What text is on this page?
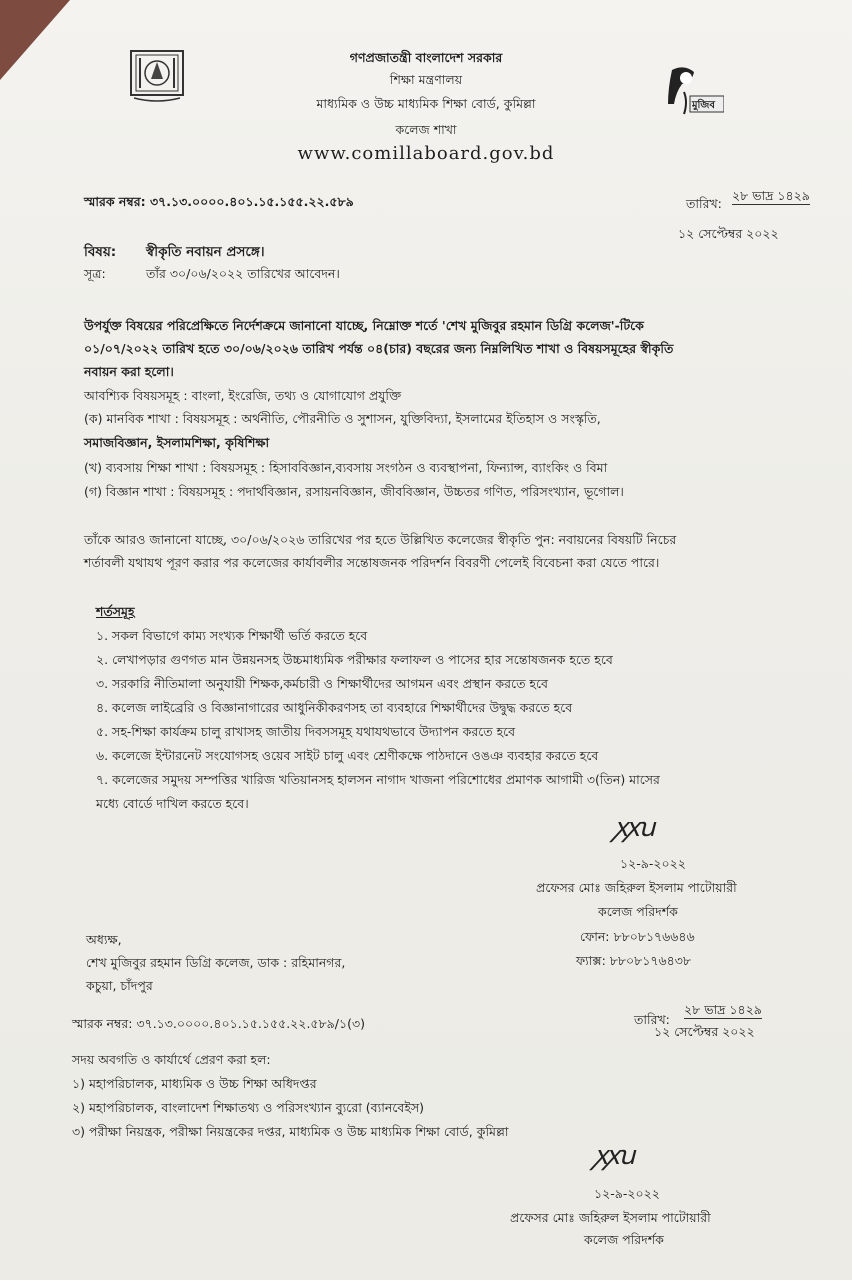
মুজিব
গণপ্রজাতন্ত্রী বাংলাদেশ সরকার
শিক্ষা মন্ত্রণালয়
মাধ্যমিক ও উচ্চ মাধ্যমিক শিক্ষা বোর্ড, কুমিল্লা
কলেজ শাখা
www.comillaboard.gov.bd
স্মারক নম্বর: ৩৭.১৩.০০০০.৪০১.১৫.১৫৫.২২.৫৮৯	তারিখ:
২৮ ভাদ্র ১৪২৯
১২ সেপ্টেম্বর ২০২২
বিষয়: স্বীকৃতি নবায়ন প্রসঙ্গে।
সূত্র:	তাঁর ৩০/০৬/২০২২ তারিখের আবেদন।
উপর্যুক্ত বিষয়ের পরিপ্রেক্ষিতে নির্দেশক্রমে জানানো যাচ্ছে, নিম্নোক্ত শর্তে 'শেখ মুজিবুর রহমান ডিগ্রি কলেজ'-টিকে
০১/০৭/২০২২ তারিখ হতে ৩০/০৬/২০২৬ তারিখ পর্যন্ত ০৪(চার) বছরের জন্য নিম্নলিখিত শাখা ও বিষয়সমূহের স্বীকৃতি
নবায়ন করা হলো।
আবশ্যিক বিষয়সমূহ : বাংলা, ইংরেজি, তথ্য ও যোগাযোগ প্রযুক্তি
(ক) মানবিক শাখা : বিষয়সমূহ : অর্থনীতি, পৌরনীতি ও সুশাসন, যুক্তিবিদ্যা, ইসলামের ইতিহাস ও সংস্কৃতি,
সমাজবিজ্ঞান, ইসলামশিক্ষা, কৃষিশিক্ষা
(খ) ব্যবসায় শিক্ষা শাখা : বিষয়সমূহ : হিসাববিজ্ঞান,ব্যবসায় সংগঠন ও ব্যবস্থাপনা, ফিন্যান্স, ব্যাংকিং ও বিমা
(গ) বিজ্ঞান শাখা : বিষয়সমূহ : পদার্থবিজ্ঞান, রসায়নবিজ্ঞান, জীববিজ্ঞান, উচ্চতর গণিত, পরিসংখ্যান, ভূগোল।
তাঁকে আরও জানানো যাচ্ছে, ৩০/০৬/২০২৬ তারিখের পর হতে উল্লিখিত কলেজের স্বীকৃতি পুন: নবায়নের বিষয়টি নিচের
শর্তাবলী যথাযথ পূরণ করার পর কলেজের কার্যাবলীর সন্তোষজনক পরিদর্শন বিবরণী পেলেই বিবেচনা করা যেতে পারে।
শর্তসমূহ
১. সকল বিভাগে কাম্য সংখ্যক শিক্ষার্থী ভর্তি করতে হবে
২. লেখাপড়ার গুণগত মান উন্নয়নসহ উচ্চমাধ্যমিক পরীক্ষার ফলাফল ও পাসের হার সন্তোষজনক হতে হবে
৩. সরকারি নীতিমালা অনুযায়ী শিক্ষক,কর্মচারী ও শিক্ষার্থীদের আগমন এবং প্রস্থান করতে হবে
৪. কলেজ লাইব্রেরি ও বিজ্ঞানাগারের আধুনিকীকরণসহ তা ব্যবহারে শিক্ষার্থীদের উদ্বুদ্ধ করতে হবে
৫. সহ-শিক্ষা কার্যক্রম চালু রাখাসহ জাতীয় দিবসসমূহ যথাযথভাবে উদ্যাপন করতে হবে
৬. কলেজে ইন্টারনেট সংযোগসহ ওয়েব সাইট চালু এবং শ্রেণীকক্ষে পাঠদানে ওঙঞ ব্যবহার করতে হবে
৭. কলেজের সমুদয় সম্পত্তির খারিজ খতিয়ানসহ হালসন নাগাদ খাজনা পরিশোধের প্রমাণক আগামী ৩(তিন) মাসের
মধ্যে বোর্ডে দাখিল করতে হবে।
ꭗꭗꭒ
১২-৯-২০২২
প্রফেসর মোঃ জহিরুল ইসলাম পাটোয়ারী
কলেজ পরিদর্শক
ফোন: ৮৮০৮১৭৬৬৪৬
ফ্যাক্স: ৮৮০৮১৭৬৪৩৮
অধ্যক্ষ,
শেখ মুজিবুর রহমান ডিগ্রি কলেজ, ডাক : রহিমানগর,
কচুয়া, চাঁদপুর
স্মারক নম্বর: ৩৭.১৩.০০০০.৪০১.১৫.১৫৫.২২.৫৮৯/১(৩)	তারিখ:
২৮ ভাদ্র ১৪২৯
১২ সেপ্টেম্বর ২০২২
সদয় অবগতি ও কার্যার্থে প্রেরণ করা হল:
১) মহাপরিচালক, মাধ্যমিক ও উচ্চ শিক্ষা অধিদপ্তর
২) মহাপরিচালক, বাংলাদেশ শিক্ষাতথ্য ও পরিসংখ্যান ব্যুরো (ব্যানবেইস)
৩) পরীক্ষা নিয়ন্ত্রক, পরীক্ষা নিয়ন্ত্রকের দপ্তর, মাধ্যমিক ও উচ্চ মাধ্যমিক শিক্ষা বোর্ড, কুমিল্লা
ꭗꭗꭒ
১২-৯-২০২২
প্রফেসর মোঃ জহিরুল ইসলাম পাটোয়ারী
কলেজ পরিদর্শক
